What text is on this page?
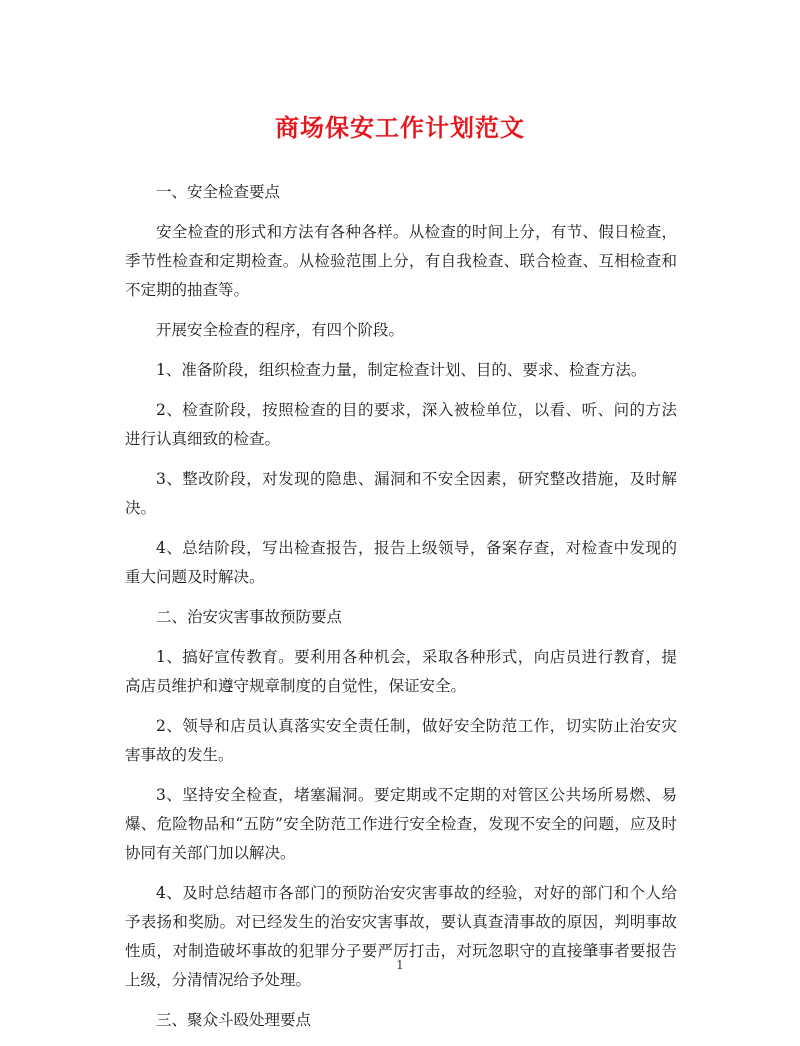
商场保安工作计划范文

一、安全检查要点

安全检查的形式和方法有各种各样。从检查的时间上分，有节、假日检查，季节性检查和定期检查。从检验范围上分，有自我检查、联合检查、互相检查和不定期的抽查等。

开展安全检查的程序，有四个阶段。

1、准备阶段，组织检查力量，制定检查计划、目的、要求、检查方法。

2、检查阶段，按照检查的目的要求，深入被检单位，以看、听、问的方法进行认真细致的检查。

3、整改阶段，对发现的隐患、漏洞和不安全因素，研究整改措施，及时解决。

4、总结阶段，写出检查报告，报告上级领导，备案存查，对检查中发现的重大问题及时解决。

二、治安灾害事故预防要点

1、搞好宣传教育。要利用各种机会，采取各种形式，向店员进行教育，提高店员维护和遵守规章制度的自觉性，保证安全。

2、领导和店员认真落实安全责任制，做好安全防范工作，切实防止治安灾害事故的发生。

3、坚持安全检查，堵塞漏洞。要定期或不定期的对管区公共场所易燃、易爆、危险物品和“五防”安全防范工作进行安全检查，发现不安全的问题，应及时协同有关部门加以解决。

4、及时总结超市各部门的预防治安灾害事故的经验，对好的部门和个人给予表扬和奖励。对已经发生的治安灾害事故，要认真查清事故的原因，判明事故性质，对制造破坏事故的犯罪分子要严厉打击，对玩忽职守的直接肇事者要报告上级，分清情况给予处理。

三、聚众斗殴处理要点

1
